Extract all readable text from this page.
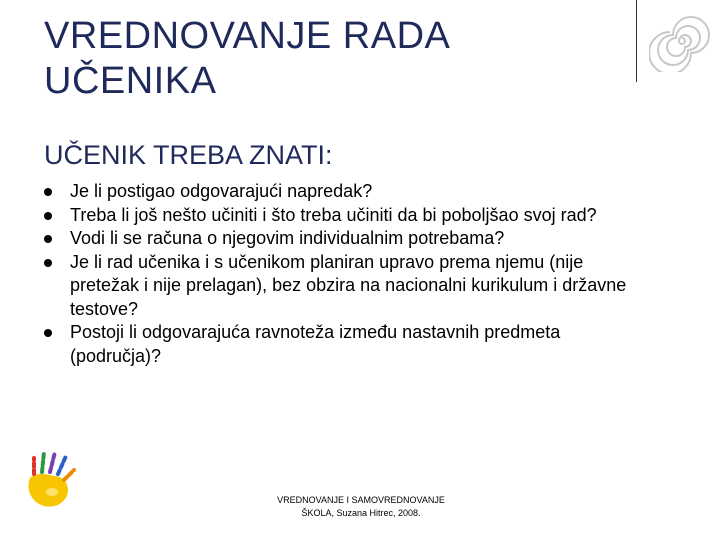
VREDNOVANJE RADA
UČENIKA
UČENIK TREBA ZNATI:
Je li postigao odgovarajući napredak?
Treba li još nešto učiniti i što treba učiniti da bi poboljšao svoj rad?
Vodi li se računa o njegovim individualnim potrebama?
Je li rad učenika i s učenikom planiran upravo prema njemu (nije pretežak i nije prelagan), bez obzira na nacionalni kurikulum i državne testove?
Postoji li odgovarajuća ravnoteža između nastavnih predmeta (područja)?
VREDNOVANJE I SAMOVREDNOVANJE
ŠKOLA, Suzana Hitrec, 2008.
